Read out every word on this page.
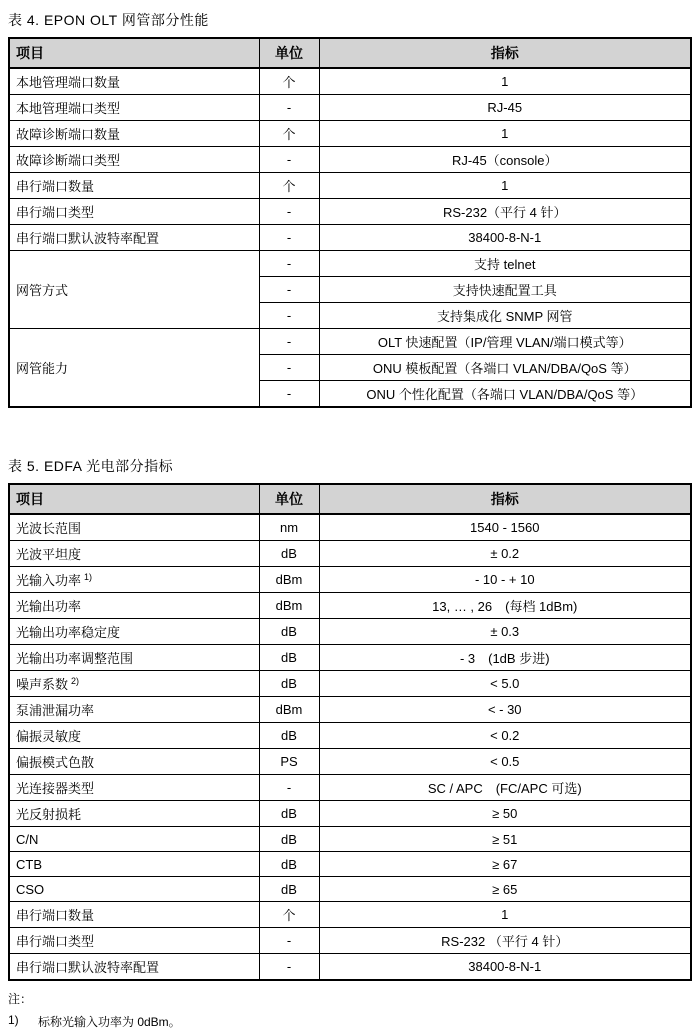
表 4. EPON OLT 网管部分性能
项目	单位	指标
本地管理端口数量	个	1
本地管理端口类型	-	RJ-45
故障诊断端口数量	个	1
故障诊断端口类型	-	RJ-45（console）
串行端口数量	个	1
串行端口类型	-	RS-232（平行 4 针）
串行端口默认波特率配置	-	38400-8-N-1
网管方式	-	支持 telnet
	-	支持快速配置工具
	-	支持集成化 SNMP 网管
网管能力	-	OLT 快速配置（IP/管理 VLAN/端口模式等）
	-	ONU 模板配置（各端口 VLAN/DBA/QoS 等）
	-	ONU 个性化配置（各端口 VLAN/DBA/QoS 等）
表 5. EDFA 光电部分指标
项目	单位	指标
光波长范围	nm	1540 - 1560
光波平坦度	dB	± 0.2
光输入功率 $^{1)}$	dBm	- 10 - + 10
光输出功率	dBm	13, … , 26　(每档 1dBm)
光输出功率稳定度	dB	± 0.3
光输出功率调整范围	dB	- 3　(1dB 步进)
噪声系数 $^{2)}$	dB	< 5.0
泵浦泄漏功率	dBm	< - 30
偏振灵敏度	dB	< 0.2
偏振模式色散	PS	< 0.5
光连接器类型	-	SC / APC　(FC/APC 可选)
光反射损耗	dB	≥ 50
C/N	dB	≥ 51
CTB	dB	≥ 67
CSO	dB	≥ 65
串行端口数量	个	1
串行端口类型	-	RS-232 （平行 4 针）
串行端口默认波特率配置	-	38400-8-N-1
注：
1)	标称光输入功率为 0dBm。
